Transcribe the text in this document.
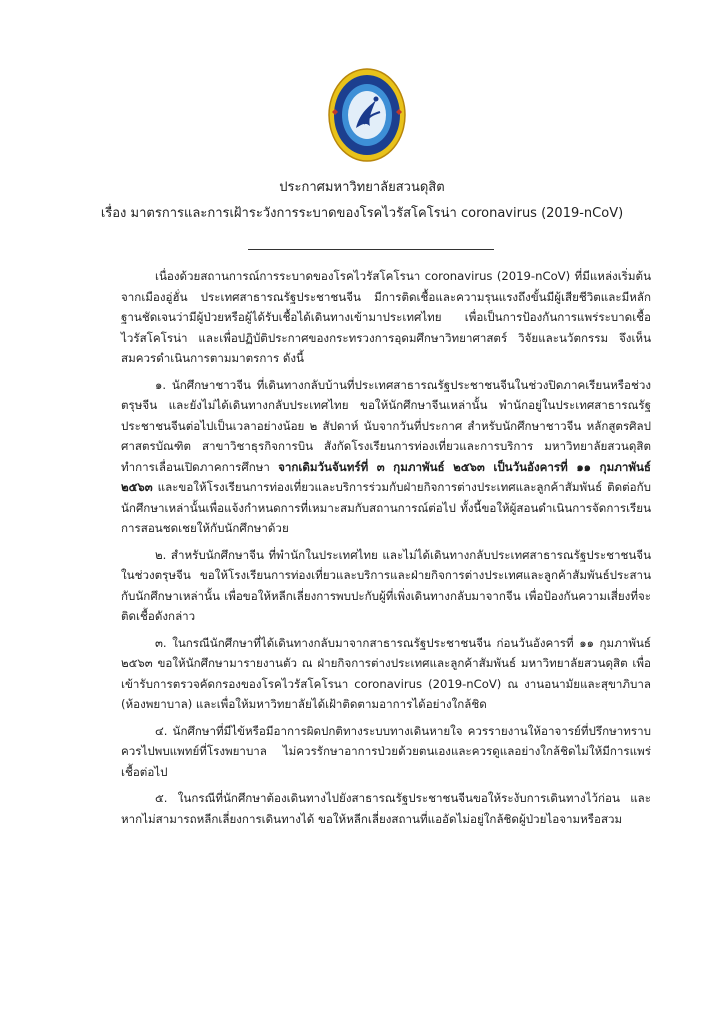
ประกาศมหาวิทยาลัยสวนดุสิต
เรื่อง มาตรการและการเฝ้าระวังการระบาดของโรคไวรัสโคโรน่า coronavirus (2019-nCoV)

เนื่องด้วยสถานการณ์การระบาดของโรคไวรัสโคโรนา coronavirus (2019-nCoV) ที่มีแหล่งเริ่มต้นจากเมืองอู่ฮั่น ประเทศสาธารณรัฐประชาชนจีน มีการติดเชื้อและความรุนแรงถึงขั้นมีผู้เสียชีวิตและมีหลักฐานชัดเจนว่ามีผู้ป่วยหรือผู้ได้รับเชื้อได้เดินทางเข้ามาประเทศไทย เพื่อเป็นการป้องกันการแพร่ระบาดเชื้อไวรัสโคโรน่า และเพื่อปฏิบัติประกาศของกระทรวงการอุดมศึกษาวิทยาศาสตร์ วิจัยและนวัตกรรม จึงเห็นสมควรดำเนินการตามมาตรการ ดังนี้

๑. นักศึกษาชาวจีน ที่เดินทางกลับบ้านที่ประเทศสาธารณรัฐประชาชนจีนในช่วงปิดภาคเรียนหรือช่วงตรุษจีน และยังไม่ได้เดินทางกลับประเทศไทย ขอให้นักศึกษาจีนเหล่านั้น พำนักอยู่ในประเทศสาธารณรัฐประชาชนจีนต่อไปเป็นเวลาอย่างน้อย ๒ สัปดาห์ นับจากวันที่ประกาศ สำหรับนักศึกษาชาวจีน หลักสูตรศิลปศาสตรบัณฑิต สาขาวิชาธุรกิจการบิน สังกัดโรงเรียนการท่องเที่ยวและการบริการ มหาวิทยาลัยสวนดุสิต ทำการเลื่อนเปิดภาคการศึกษา จากเดิมวันจันทร์ที่ ๓ กุมภาพันธ์ ๒๕๖๓ เป็นวันอังคารที่ ๑๑ กุมภาพันธ์ ๒๕๖๓ และขอให้โรงเรียนการท่องเที่ยวและบริการร่วมกับฝ่ายกิจการต่างประเทศและลูกค้าสัมพันธ์ ติดต่อกับนักศึกษาเหล่านั้นเพื่อแจ้งกำหนดการที่เหมาะสมกับสถานการณ์ต่อไป ทั้งนี้ขอให้ผู้สอนดำเนินการจัดการเรียนการสอนชดเชยให้กับนักศึกษาด้วย

๒. สำหรับนักศึกษาจีน ที่พำนักในประเทศไทย และไม่ได้เดินทางกลับประเทศสาธารณรัฐประชาชนจีนในช่วงตรุษจีน ขอให้โรงเรียนการท่องเที่ยวและบริการและฝ่ายกิจการต่างประเทศและลูกค้าสัมพันธ์ประสานกับนักศึกษาเหล่านั้น เพื่อขอให้หลีกเลี่ยงการพบปะกับผู้ที่เพิ่งเดินทางกลับมาจากจีน เพื่อป้องกันความเสี่ยงที่จะติดเชื้อดังกล่าว

๓. ในกรณีนักศึกษาที่ได้เดินทางกลับมาจากสาธารณรัฐประชาชนจีน ก่อนวันอังคารที่ ๑๑ กุมภาพันธ์ ๒๕๖๓ ขอให้นักศึกษามารายงานตัว ณ ฝ่ายกิจการต่างประเทศและลูกค้าสัมพันธ์ มหาวิทยาลัยสวนดุสิต เพื่อเข้ารับการตรวจคัดกรองของโรคไวรัสโคโรนา coronavirus (2019-nCoV) ณ งานอนามัยและสุขาภิบาล (ห้องพยาบาล) และเพื่อให้มหาวิทยาลัยได้เฝ้าติดตามอาการได้อย่างใกล้ชิด

๔. นักศึกษาที่มีไข้หรือมีอาการผิดปกติทางระบบทางเดินหายใจ ควรรายงานให้อาจารย์ที่ปรึกษาทราบ ควรไปพบแพทย์ที่โรงพยาบาล ไม่ควรรักษาอาการป่วยด้วยตนเองและควรดูแลอย่างใกล้ชิดไม่ให้มีการแพร่เชื้อต่อไป

๕. ในกรณีที่นักศึกษาต้องเดินทางไปยังสาธารณรัฐประชาชนจีนขอให้ระงับการเดินทางไว้ก่อน และหากไม่สามารถหลีกเลี่ยงการเดินทางได้ ขอให้หลีกเลี่ยงสถานที่แออัดไม่อยู่ใกล้ชิดผู้ป่วยไอจามหรือสวม
